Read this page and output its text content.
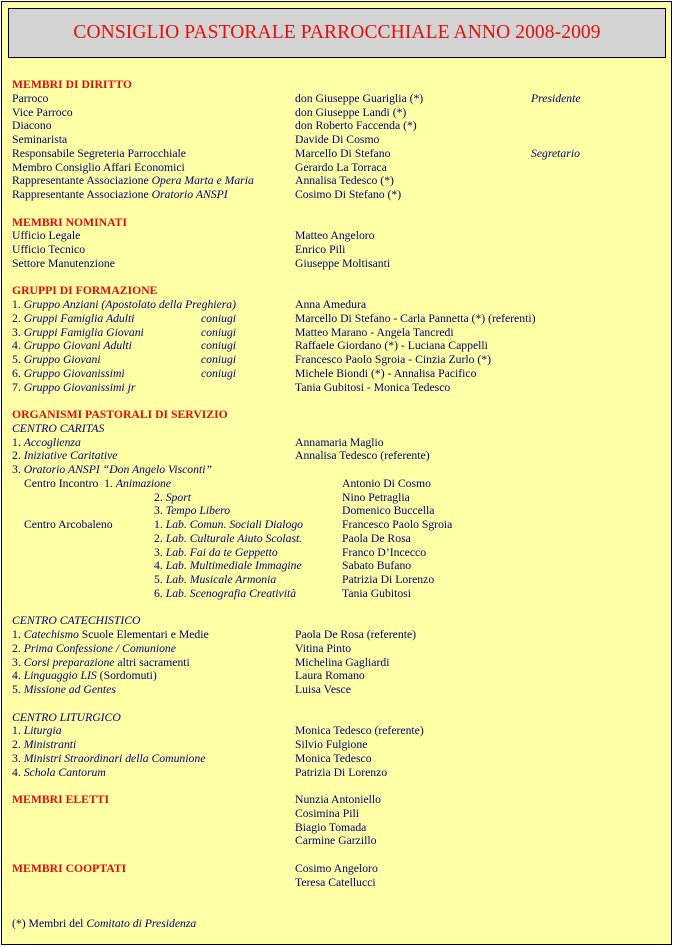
CONSIGLIO PASTORALE PARROCCHIALE ANNO 2008-2009
MEMBRI DI DIRITTO
Parroco	don Giuseppe Guariglia (*)	Presidente
Vice Parroco	don Giuseppe Landi (*)
Diacono	don Roberto Faccenda (*)
Seminarista	Davide Di Cosmo
Responsabile Segreteria Parrocchiale	Marcello Di Stefano	Segretario
Membro Consiglio Affari Economici	Gerardo La Torraca
Rappresentante Associazione Opera Marta e Maria	Annalisa Tedesco (*)
Rappresentante Associazione Oratorio ANSPI	Cosimo Di Stefano (*)
MEMBRI NOMINATI
Ufficio Legale	Matteo Angeloro
Ufficio Tecnico	Enrico Pili
Settore Manutenzione	Giuseppe Moltisanti
GRUPPI DI FORMAZIONE
1. Gruppo Anziani (Apostolato della Preghiera)	Anna Amedura
2. Gruppi Famiglia Adulti	coniugi	Marcello Di Stefano - Carla Pannetta (*) (referenti)
3. Gruppi Famiglia Giovani	coniugi	Matteo Marano - Angela Tancredi
4. Gruppo Giovani Adulti	coniugi	Raffaele Giordano (*) - Luciana Cappelli
5. Gruppo Giovani	coniugi	Francesco Paolo Sgroia - Cinzia Zurlo (*)
6. Gruppo Giovanissimi	coniugi	Michele Biondi (*) - Annalisa Pacifico
7. Gruppo Giovanissimi jr	Tania Gubitosi - Monica Tedesco
ORGANISMI PASTORALI DI SERVIZIO
CENTRO CARITAS
1. Accoglienza	Annamaria Maglio
2. Iniziative Caritative	Annalisa Tedesco (referente)
3. Oratorio ANSPI “Don Angelo Visconti”
Centro Incontro 1. Animazione	Antonio Di Cosmo
2. Sport	Nino Petraglia
3. Tempo Libero	Domenico Buccella
Centro Arcobaleno	1. Lab. Comun. Sociali Dialogo	Francesco Paolo Sgroia
2. Lab. Culturale Aiuto Scolast.	Paola De Rosa
3. Lab. Fai da te Geppetto	Franco D’Incecco
4. Lab. Multimediale Immagine	Sabato Bufano
5. Lab. Musicale Armonia	Patrizia Di Lorenzo
6. Lab. Scenografia Creatività	Tania Gubitosi
CENTRO CATECHISTICO
1. Catechismo Scuole Elementari e Medie	Paola De Rosa (referente)
2. Prima Confessione / Comunione	Vitina Pinto
3. Corsi preparazione altri sacramenti	Michelina Gagliardi
4. Linguaggio LIS (Sordomuti)	Laura Romano
5. Missione ad Gentes	Luisa Vesce
CENTRO LITURGICO
1. Liturgia	Monica Tedesco (referente)
2. Ministranti	Silvio Fulgione
3. Ministri Straordinari della Comunione	Monica Tedesco
4. Schola Cantorum	Patrizia Di Lorenzo
MEMBRI ELETTI	Nunzia Antoniello
Cosimina Pili
Biagio Tomada
Carmine Garzillo
MEMBRI COOPTATI	Cosimo Angeloro
Teresa Catellucci
(*) Membri del Comitato di Presidenza
